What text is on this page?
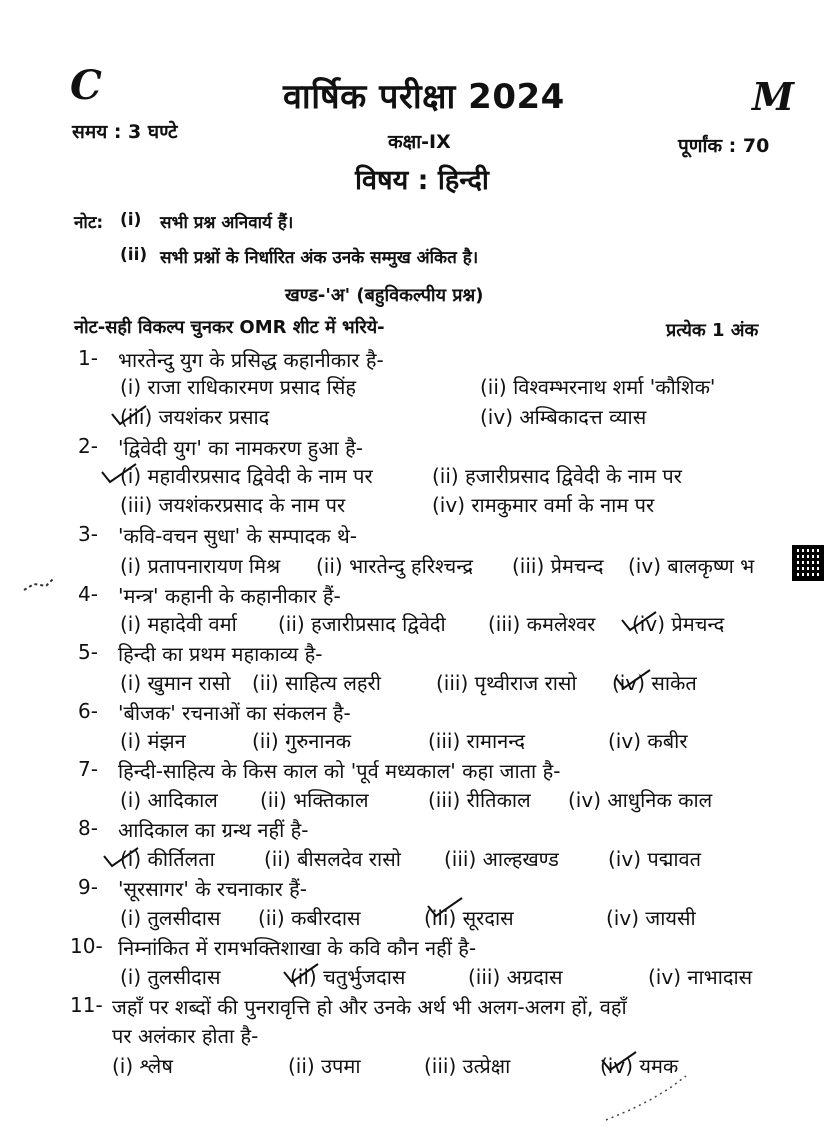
C	वार्षिक परीक्षा 2024	M
समय : 3 घण्टे	कक्षा-IX	पूर्णांक : 70
विषय : हिन्दी
नोट: (i) सभी प्रश्न अनिवार्य हैं।
(ii) सभी प्रश्नों के निर्धारित अंक उनके सम्मुख अंकित है।
खण्ड-'अ' (बहुविकल्पीय प्रश्न)
नोट-सही विकल्प चुनकर OMR शीट में भरिये-	प्रत्येक 1 अंक
1- भारतेन्दु युग के प्रसिद्ध कहानीकार है-
(i) राजा राधिकारमण प्रसाद सिंह	(ii) विश्वम्भरनाथ शर्मा 'कौशिक'
(iii) जयशंकर प्रसाद	(iv) अम्बिकादत्त व्यास
2- 'द्विवेदी युग' का नामकरण हुआ है-
(i) महावीरप्रसाद द्विवेदी के नाम पर	(ii) हजारीप्रसाद द्विवेदी के नाम पर
(iii) जयशंकरप्रसाद के नाम पर	(iv) रामकुमार वर्मा के नाम पर
3- 'कवि-वचन सुधा' के सम्पादक थे-
(i) प्रतापनारायण मिश्र (ii) भारतेन्दु हरिश्चन्द्र (iii) प्रेमचन्द (iv) बालकृष्ण भ
4- 'मन्त्र' कहानी के कहानीकार हैं-
(i) महादेवी वर्मा (ii) हजारीप्रसाद द्विवेदी (iii) कमलेश्वर (iv) प्रेमचन्द
5- हिन्दी का प्रथम महाकाव्य है-
(i) खुमान रासो (ii) साहित्य लहरी	(iii) पृथ्वीराज रासो (iv) साकेत
6- 'बीजक' रचनाओं का संकलन है-
(i) मंझन	(ii) गुरुनानक	(iii) रामानन्द	(iv) कबीर
7- हिन्दी-साहित्य के किस काल को 'पूर्व मध्यकाल' कहा जाता है-
(i) आदिकाल (ii) भक्तिकाल	(iii) रीतिकाल (iv) आधुनिक काल
8- आदिकाल का ग्रन्थ नहीं है-
(i) कीर्तिलता (ii) बीसलदेव रासो (iii) आल्हखण्ड (iv) पद्मावत
9- 'सूरसागर' के रचनाकार हैं-
(i) तुलसीदास (ii) कबीरदास	(iii) सूरदास	(iv) जायसी
10- निम्नांकित में रामभक्तिशाखा के कवि कौन नहीं है-
(i) तुलसीदास	(ii) चतुर्भुजदास	(iii) अग्रदास	(iv) नाभादास
11- जहाँ पर शब्दों की पुनरावृत्ति हो और उनके अर्थ भी अलग-अलग हों, वहाँ
पर अलंकार होता है-
(i) श्लेष	(ii) उपमा	(iii) उत्प्रेक्षा	(iv) यमक
